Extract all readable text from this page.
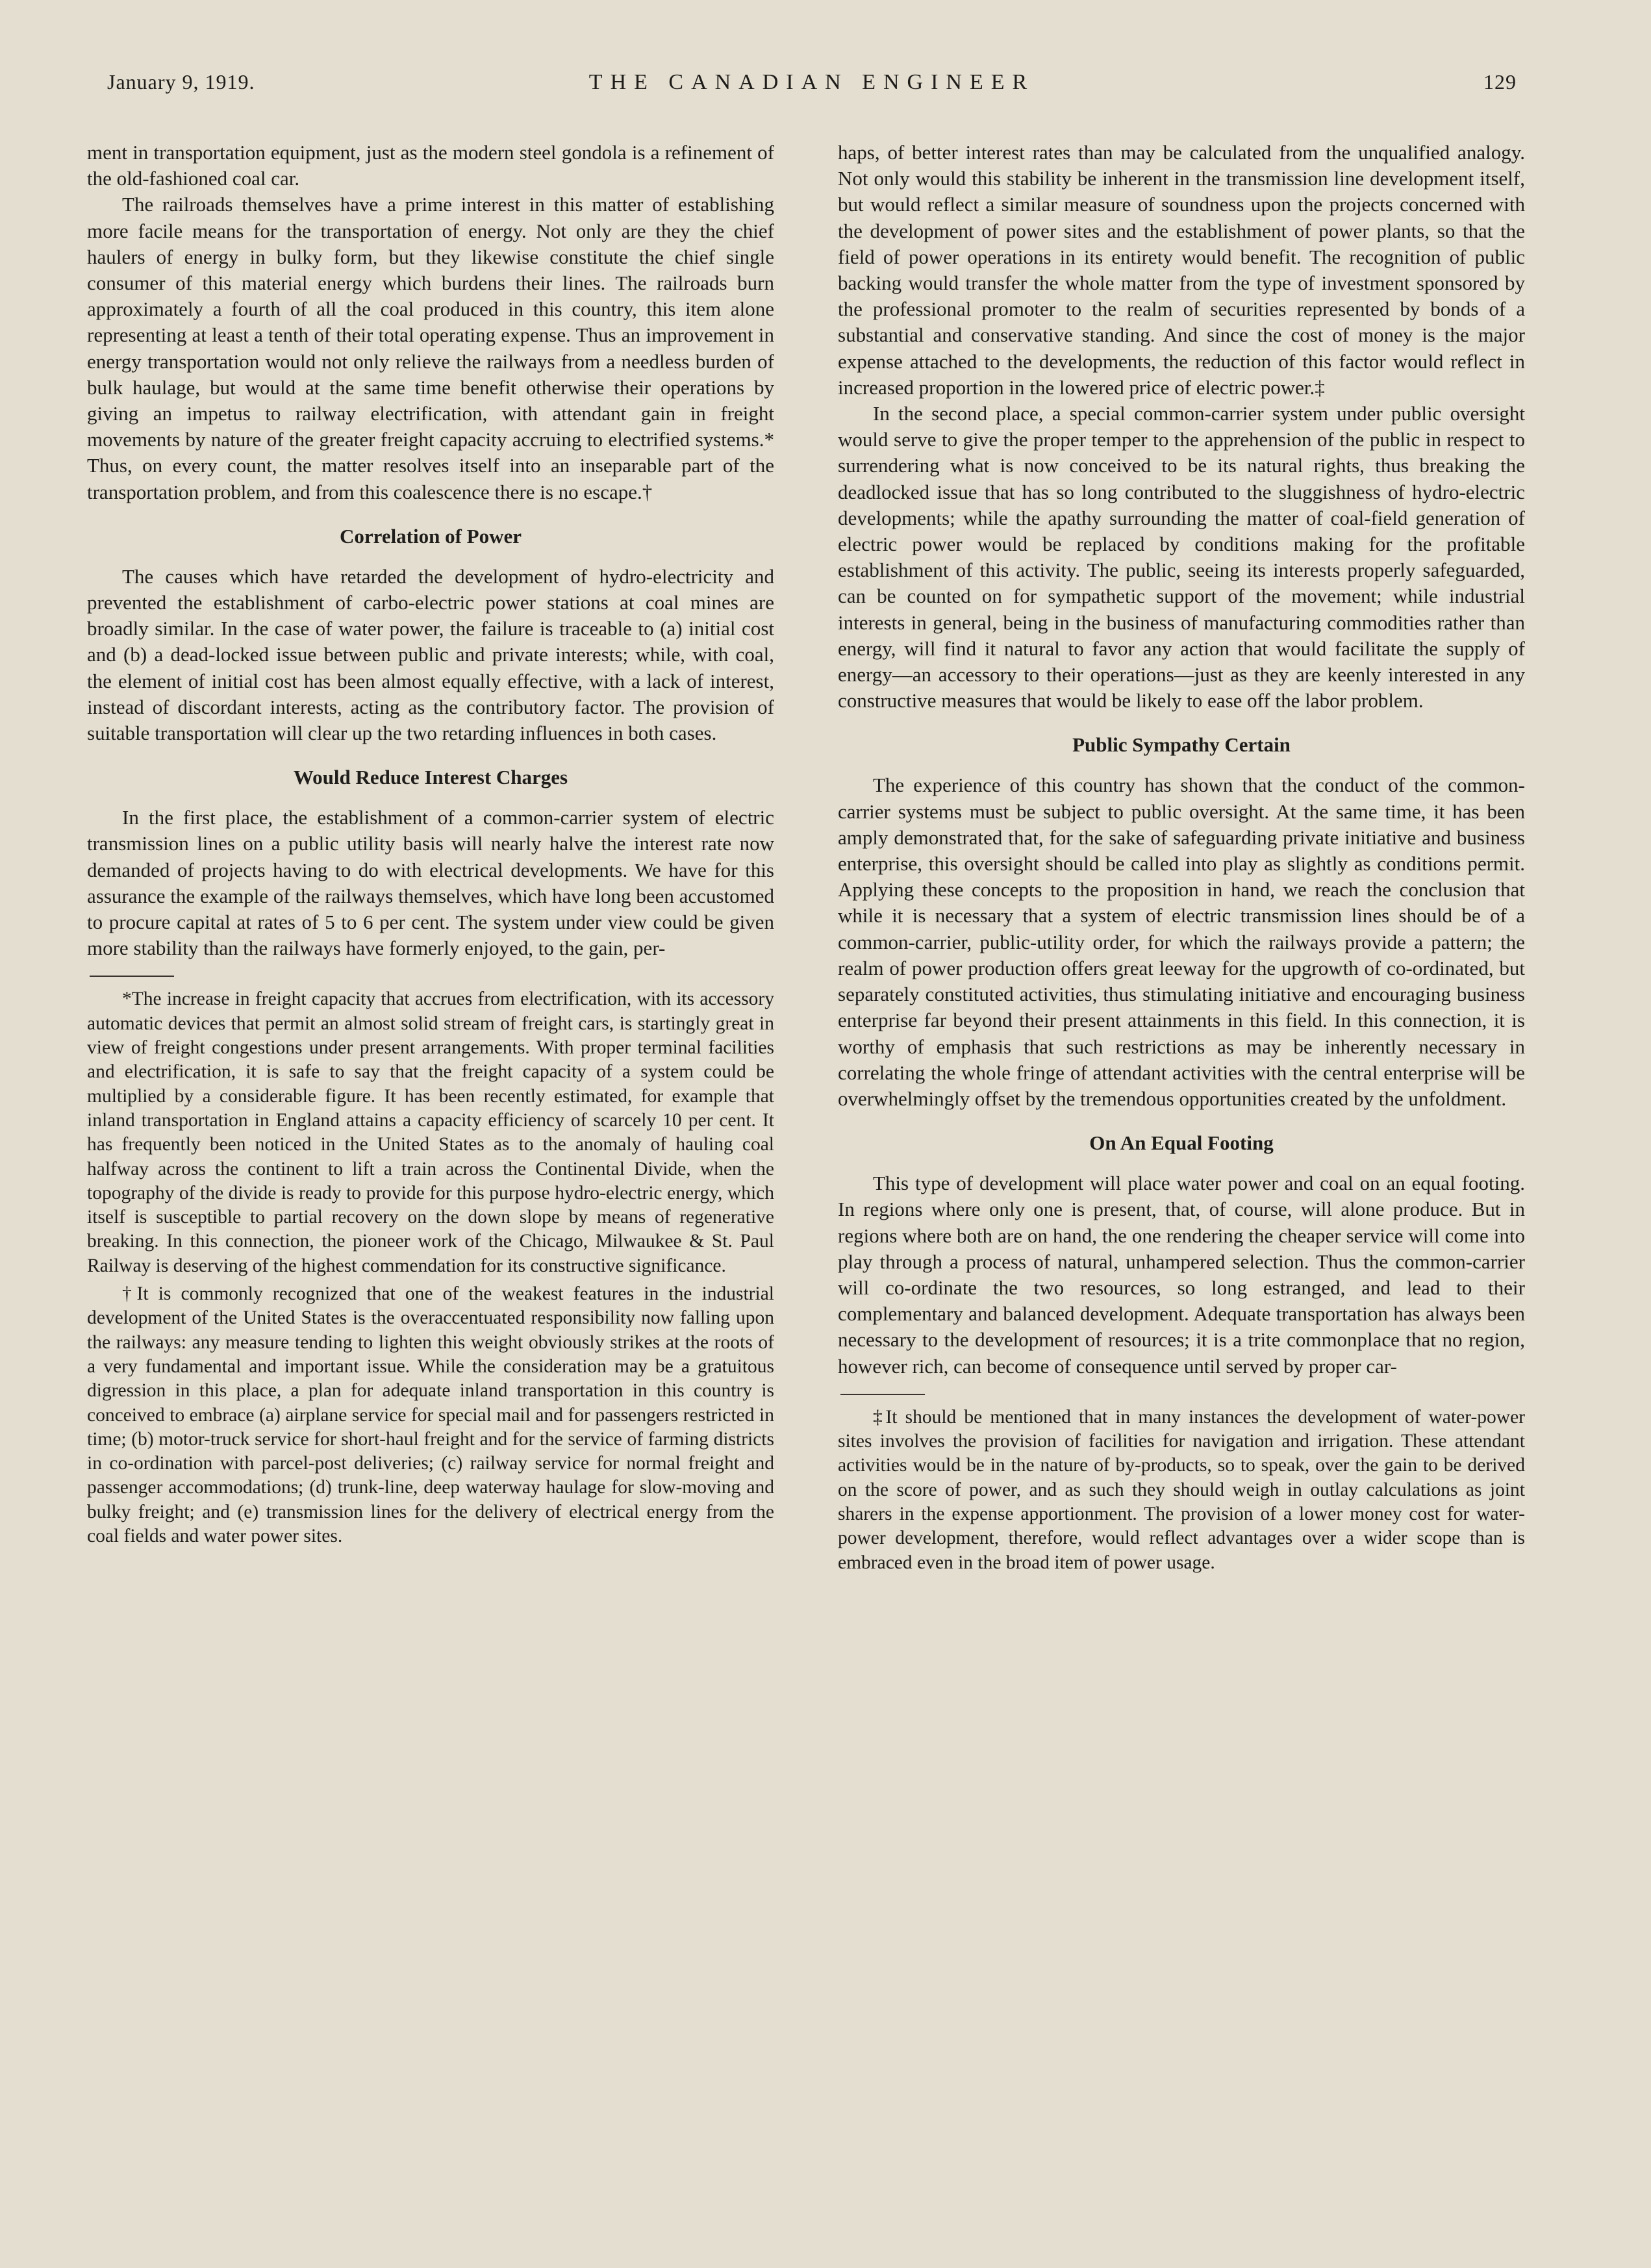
January 9, 1919.	THE CANADIAN ENGINEER	129

ment in transportation equipment, just as the modern steel gondola is a refinement of the old-fashioned coal car.

The railroads themselves have a prime interest in this matter of establishing more facile means for the transportation of energy. Not only are they the chief haulers of energy in bulky form, but they likewise constitute the chief single consumer of this material energy which burdens their lines. The railroads burn approximately a fourth of all the coal produced in this country, this item alone representing at least a tenth of their total operating expense. Thus an improvement in energy transportation would not only relieve the railways from a needless burden of bulk haulage, but would at the same time benefit otherwise their operations by giving an impetus to railway electrification, with attendant gain in freight movements by nature of the greater freight capacity accruing to electrified systems.* Thus, on every count, the matter resolves itself into an inseparable part of the transportation problem, and from this coalescence there is no escape.†

Correlation of Power

The causes which have retarded the development of hydro-electricity and prevented the establishment of carbo-electric power stations at coal mines are broadly similar. In the case of water power, the failure is traceable to (a) initial cost and (b) a dead-locked issue between public and private interests; while, with coal, the element of initial cost has been almost equally effective, with a lack of interest, instead of discordant interests, acting as the contributory factor. The provision of suitable transportation will clear up the two retarding influences in both cases.

Would Reduce Interest Charges

In the first place, the establishment of a common-carrier system of electric transmission lines on a public utility basis will nearly halve the interest rate now demanded of projects having to do with electrical developments. We have for this assurance the example of the railways themselves, which have long been accustomed to procure capital at rates of 5 to 6 per cent. The system under view could be given more stability than the railways have formerly enjoyed, to the gain, per-

*The increase in freight capacity that accrues from electrification, with its accessory automatic devices that permit an almost solid stream of freight cars, is startingly great in view of freight congestions under present arrangements. With proper terminal facilities and electrification, it is safe to say that the freight capacity of a system could be multiplied by a considerable figure. It has been recently estimated, for example that inland transportation in England attains a capacity efficiency of scarcely 10 per cent. It has frequently been noticed in the United States as to the anomaly of hauling coal halfway across the continent to lift a train across the Continental Divide, when the topography of the divide is ready to provide for this purpose hydro-electric energy, which itself is susceptible to partial recovery on the down slope by means of regenerative breaking. In this connection, the pioneer work of the Chicago, Milwaukee & St. Paul Railway is deserving of the highest commendation for its constructive significance.

†It is commonly recognized that one of the weakest features in the industrial development of the United States is the overaccentuated responsibility now falling upon the railways: any measure tending to lighten this weight obviously strikes at the roots of a very fundamental and important issue. While the consideration may be a gratuitous digression in this place, a plan for adequate inland transportation in this country is conceived to embrace (a) airplane service for special mail and for passengers restricted in time; (b) motor-truck service for short-haul freight and for the service of farming districts in co-ordination with parcel-post deliveries; (c) railway service for normal freight and passenger accommodations; (d) trunk-line, deep waterway haulage for slow-moving and bulky freight; and (e) transmission lines for the delivery of electrical energy from the coal fields and water power sites.

haps, of better interest rates than may be calculated from the unqualified analogy. Not only would this stability be inherent in the transmission line development itself, but would reflect a similar measure of soundness upon the projects concerned with the development of power sites and the establishment of power plants, so that the field of power operations in its entirety would benefit. The recognition of public backing would transfer the whole matter from the type of investment sponsored by the professional promoter to the realm of securities represented by bonds of a substantial and conservative standing. And since the cost of money is the major expense attached to the developments, the reduction of this factor would reflect in increased proportion in the lowered price of electric power.‡

In the second place, a special common-carrier system under public oversight would serve to give the proper temper to the apprehension of the public in respect to surrendering what is now conceived to be its natural rights, thus breaking the deadlocked issue that has so long contributed to the sluggishness of hydro-electric developments; while the apathy surrounding the matter of coal-field generation of electric power would be replaced by conditions making for the profitable establishment of this activity. The public, seeing its interests properly safeguarded, can be counted on for sympathetic support of the movement; while industrial interests in general, being in the business of manufacturing commodities rather than energy, will find it natural to favor any action that would facilitate the supply of energy—an accessory to their operations—just as they are keenly interested in any constructive measures that would be likely to ease off the labor problem.

Public Sympathy Certain

The experience of this country has shown that the conduct of the common-carrier systems must be subject to public oversight. At the same time, it has been amply demonstrated that, for the sake of safeguarding private initiative and business enterprise, this oversight should be called into play as slightly as conditions permit. Applying these concepts to the proposition in hand, we reach the conclusion that while it is necessary that a system of electric transmission lines should be of a common-carrier, public-utility order, for which the railways provide a pattern; the realm of power production offers great leeway for the upgrowth of co-ordinated, but separately constituted activities, thus stimulating initiative and encouraging business enterprise far beyond their present attainments in this field. In this connection, it is worthy of emphasis that such restrictions as may be inherently necessary in correlating the whole fringe of attendant activities with the central enterprise will be overwhelmingly offset by the tremendous opportunities created by the unfoldment.

On An Equal Footing

This type of development will place water power and coal on an equal footing. In regions where only one is present, that, of course, will alone produce. But in regions where both are on hand, the one rendering the cheaper service will come into play through a process of natural, unhampered selection. Thus the common-carrier will co-ordinate the two resources, so long estranged, and lead to their complementary and balanced development. Adequate transportation has always been necessary to the development of resources; it is a trite commonplace that no region, however rich, can become of consequence until served by proper car-

‡It should be mentioned that in many instances the development of water-power sites involves the provision of facilities for navigation and irrigation. These attendant activities would be in the nature of by-products, so to speak, over the gain to be derived on the score of power, and as such they should weigh in outlay calculations as joint sharers in the expense apportionment. The provision of a lower money cost for water-power development, therefore, would reflect advantages over a wider scope than is embraced even in the broad item of power usage.
